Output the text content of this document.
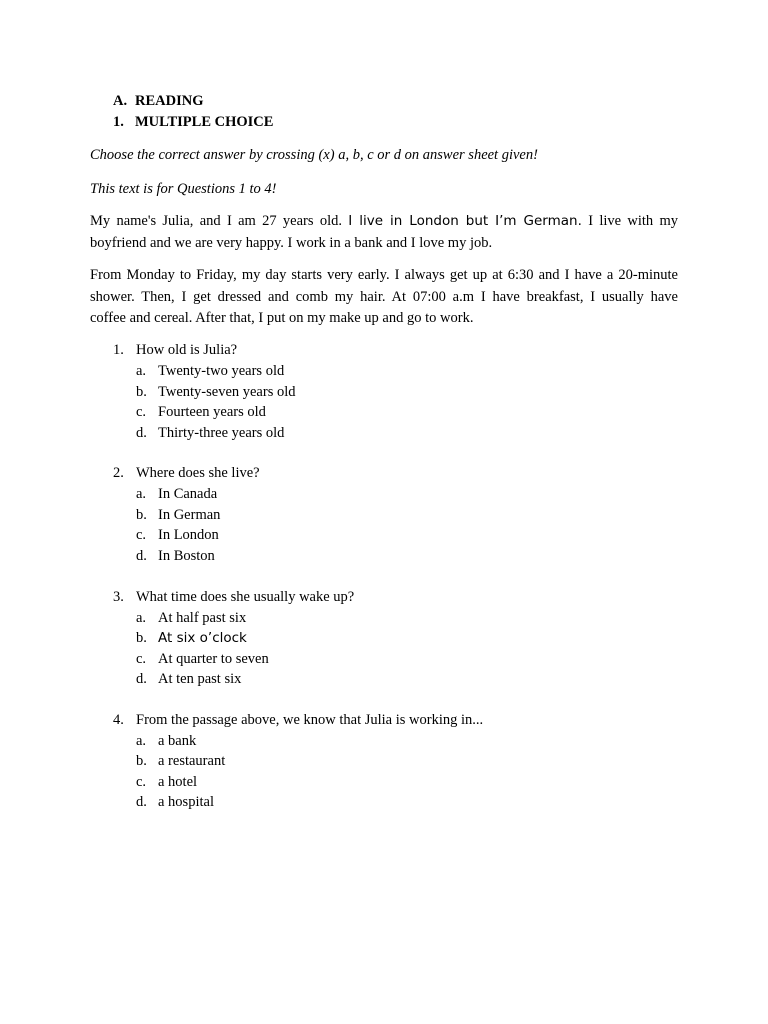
A. READING
1. MULTIPLE CHOICE
Choose the correct answer by crossing (x) a, b, c or d on answer sheet given!
This text is for Questions 1 to 4!
My name's Julia, and I am 27 years old. I live in London but I’m German. I live with my
boyfriend and we are very happy. I work in a bank and I love my job.
From Monday to Friday, my day starts very early. I always get up at 6:30 and I have a 20-minute
shower. Then, I get dressed and comb my hair. At 07:00 a.m I have breakfast, I usually have
coffee and cereal. After that, I put on my make up and go to work.
1. How old is Julia?
a. Twenty-two years old
b. Twenty-seven years old
c. Fourteen years old
d. Thirty-three years old
2. Where does she live?
a. In Canada
b. In German
c. In London
d. In Boston
3. What time does she usually wake up?
a. At half past six
b. At six o’clock
c. At quarter to seven
d. At ten past six
4. From the passage above, we know that Julia is working in...
a. a bank
b. a restaurant
c. a hotel
d. a hospital
